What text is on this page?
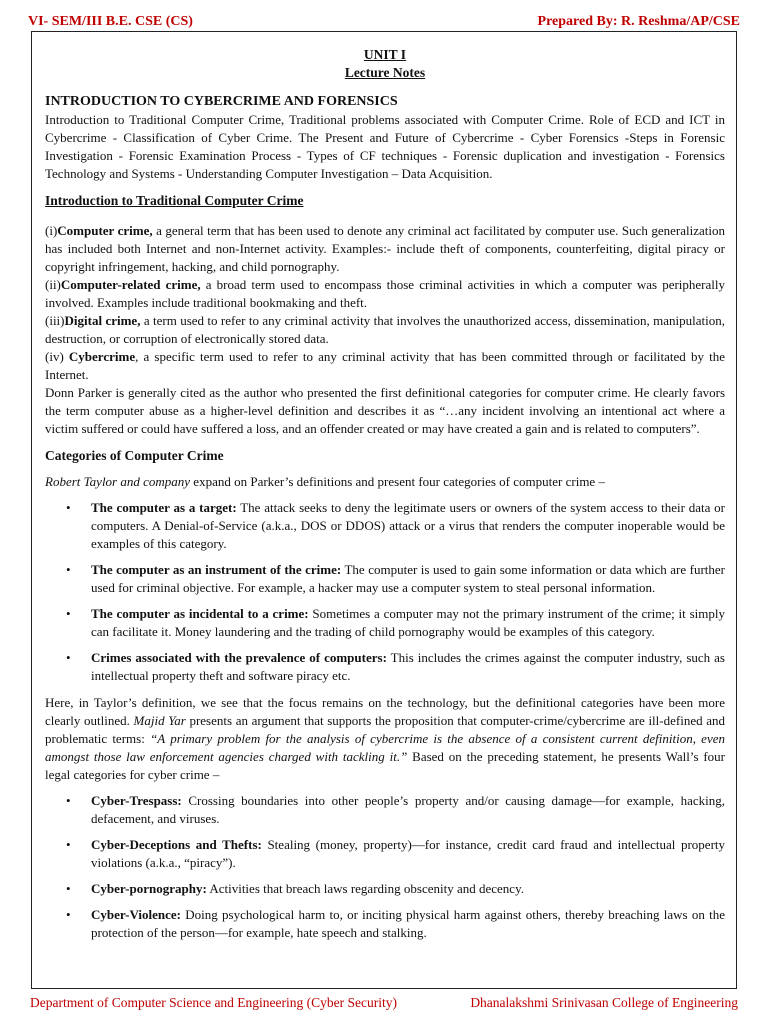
VI- SEM/III B.E. CSE (CS)	Prepared By: R. Reshma/AP/CSE
UNIT I
Lecture Notes
INTRODUCTION TO CYBERCRIME AND FORENSICS

Introduction to Traditional Computer Crime, Traditional problems associated with Computer Crime. Role of ECD and ICT in Cybercrime - Classification of Cyber Crime. The Present and Future of Cybercrime - Cyber Forensics -Steps in Forensic Investigation - Forensic Examination Process - Types of CF techniques - Forensic duplication and investigation - Forensics Technology and Systems - Understanding Computer Investigation – Data Acquisition.

Introduction to Traditional Computer Crime

(i)Computer crime, a general term that has been used to denote any criminal act facilitated by computer use. Such generalization has included both Internet and non-Internet activity. Examples:- include theft of components, counterfeiting, digital piracy or copyright infringement, hacking, and child pornography.

(ii)Computer-related crime, a broad term used to encompass those criminal activities in which a computer was peripherally involved. Examples include traditional bookmaking and theft.

(iii)Digital crime, a term used to refer to any criminal activity that involves the unauthorized access, dissemination, manipulation, destruction, or corruption of electronically stored data.

(iv) Cybercrime, a specific term used to refer to any criminal activity that has been committed through or facilitated by the Internet.

Donn Parker is generally cited as the author who presented the first definitional categories for computer crime. He clearly favors the term computer abuse as a higher-level definition and describes it as “…any incident involving an intentional act where a victim suffered or could have suffered a loss, and an offender created or may have created a gain and is related to computers”.

Categories of Computer Crime

Robert Taylor and company expand on Parker’s definitions and present four categories of computer crime –

• The computer as a target: The attack seeks to deny the legitimate users or owners of the system access to their data or computers. A Denial-of-Service (a.k.a., DOS or DDOS) attack or a virus that renders the computer inoperable would be examples of this category.
• The computer as an instrument of the crime: The computer is used to gain some information or data which are further used for criminal objective. For example, a hacker may use a computer system to steal personal information.
• The computer as incidental to a crime: Sometimes a computer may not the primary instrument of the crime; it simply can facilitate it. Money laundering and the trading of child pornography would be examples of this category.
• Crimes associated with the prevalence of computers: This includes the crimes against the computer industry, such as intellectual property theft and software piracy etc.

Here, in Taylor’s definition, we see that the focus remains on the technology, but the definitional categories have been more clearly outlined. Majid Yar presents an argument that supports the proposition that computer-crime/cybercrime are ill-defined and problematic terms: “A primary problem for the analysis of cybercrime is the absence of a consistent current definition, even amongst those law enforcement agencies charged with tackling it.” Based on the preceding statement, he presents Wall’s four legal categories for cyber crime –

• Cyber-Trespass: Crossing boundaries into other people’s property and/or causing damage—for example, hacking, defacement, and viruses.
• Cyber-Deceptions and Thefts: Stealing (money, property)—for instance, credit card fraud and intellectual property violations (a.k.a., “piracy”).
• Cyber-pornography: Activities that breach laws regarding obscenity and decency.
• Cyber-Violence: Doing psychological harm to, or inciting physical harm against others, thereby breaching laws on the protection of the person—for example, hate speech and stalking.
Department of Computer Science and Engineering (Cyber Security)	Dhanalakshmi Srinivasan College of Engineering
